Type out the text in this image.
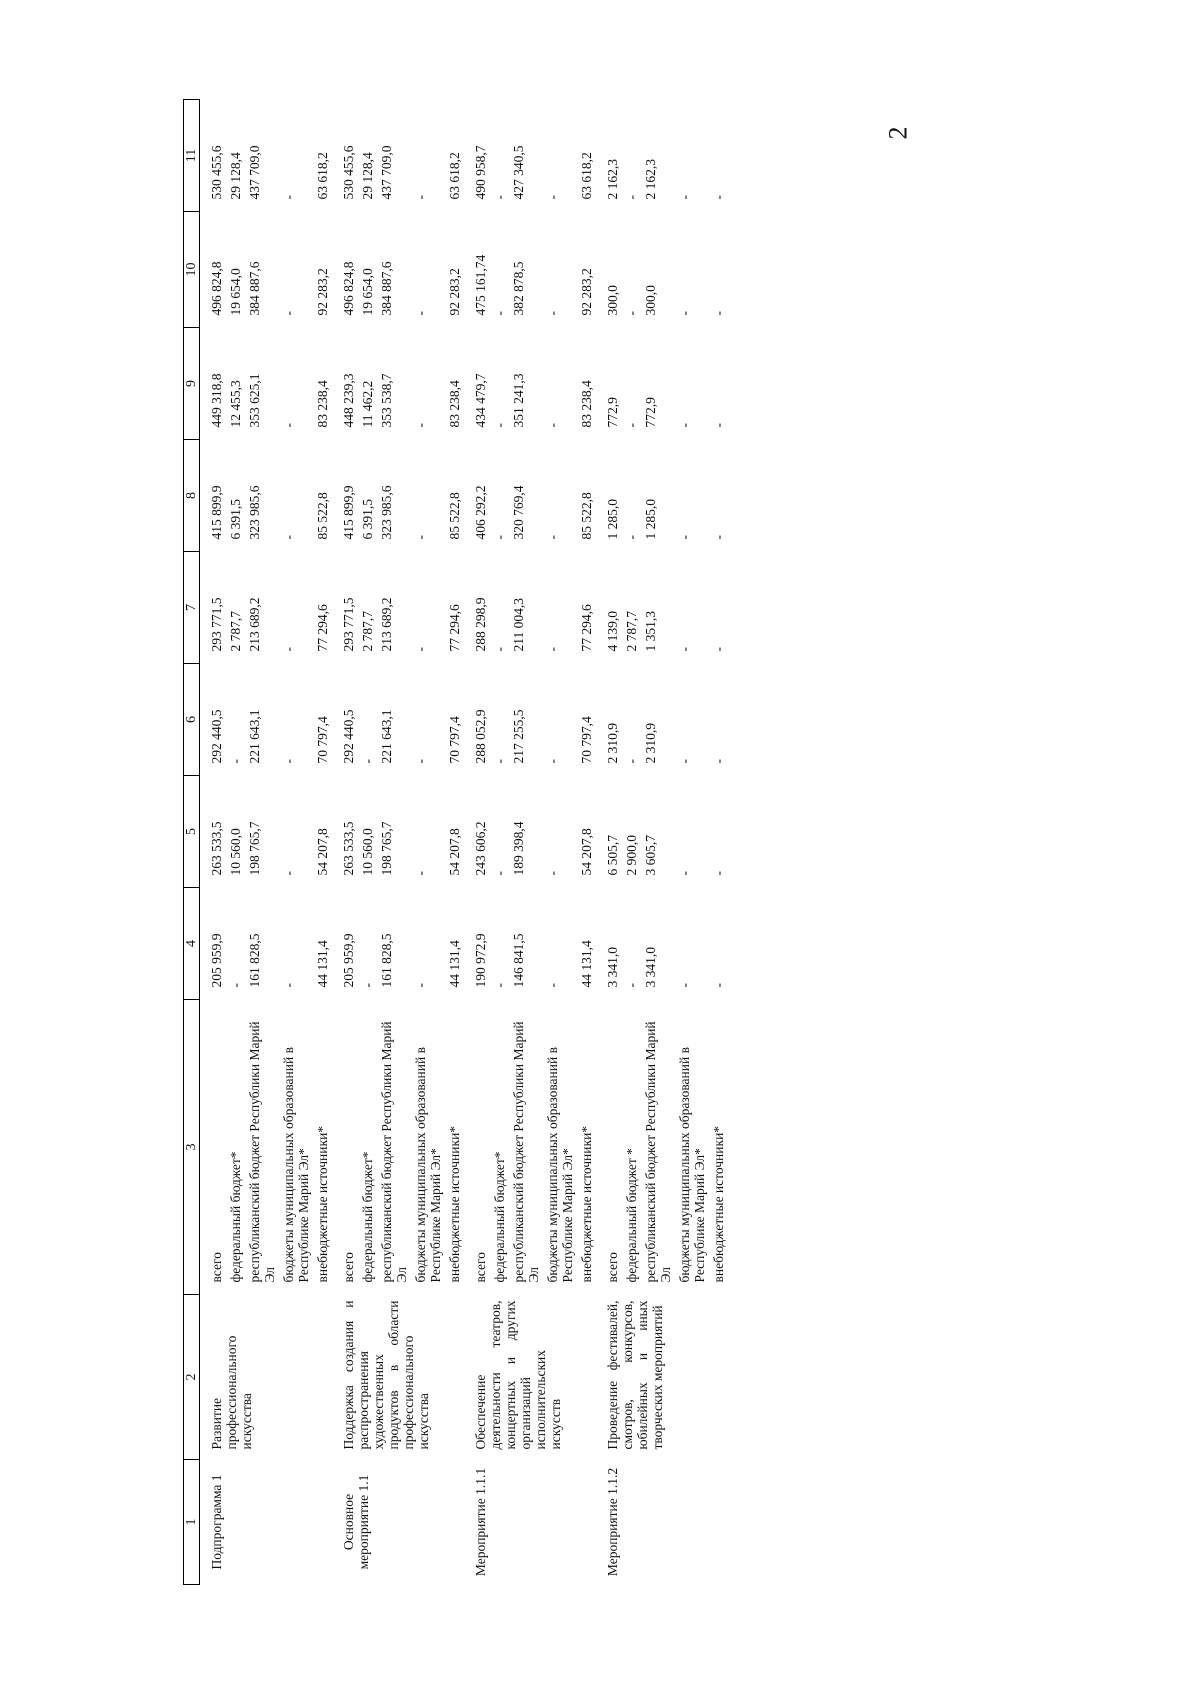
2
1	2	3	4	5	6	7	8	9	10	11
Подпрограмма 1	Развитие профессионального искусства	всего	205 959,9	263 533,5	292 440,5	293 771,5	415 899,9	449 318,8	496 824,8	530 455,6
		федеральный бюджет*	-	10 560,0	-	2 787,7	6 391,5	12 455,3	19 654,0	29 128,4
		республиканский бюджет Республики Марий Эл	161 828,5	198 765,7	221 643,1	213 689,2	323 985,6	353 625,1	384 887,6	437 709,0
		бюджеты муниципальных образований в Республике Марий Эл*	-	-	-	-	-	-	-	-
		внебюджетные источники*	44 131,4	54 207,8	70 797,4	77 294,6	85 522,8	83 238,4	92 283,2	63 618,2
Основное мероприятие 1.1	Поддержка создания и распространения художественных продуктов в области профессионального искусства	всего	205 959,9	263 533,5	292 440,5	293 771,5	415 899,9	448 239,3	496 824,8	530 455,6
		федеральный бюджет*	-	10 560,0	-	2 787,7	6 391,5	11 462,2	19 654,0	29 128,4
		республиканский бюджет Республики Марий Эл	161 828,5	198 765,7	221 643,1	213 689,2	323 985,6	353 538,7	384 887,6	437 709,0
		бюджеты муниципальных образований в Республике Марий Эл*	-	-	-	-	-	-	-	-
		внебюджетные источники*	44 131,4	54 207,8	70 797,4	77 294,6	85 522,8	83 238,4	92 283,2	63 618,2
Мероприятие 1.1.1	Обеспечение деятельности театров, концертных и других организаций исполнительских искусств	всего	190 972,9	243 606,2	288 052,9	288 298,9	406 292,2	434 479,7	475 161,74	490 958,7
		федеральный бюджет*	-	-	-	-	-	-	-	-
		республиканский бюджет Республики Марий Эл	146 841,5	189 398,4	217 255,5	211 004,3	320 769,4	351 241,3	382 878,5	427 340,5
		бюджеты муниципальных образований в Республике Марий Эл*	-	-	-	-	-	-	-	-
		внебюджетные источники*	44 131,4	54 207,8	70 797,4	77 294,6	85 522,8	83 238,4	92 283,2	63 618,2
Мероприятие 1.1.2	Проведение фестивалей, смотров, конкурсов, юбилейных и иных творческих мероприятий	всего	3 341,0	6 505,7	2 310,9	4 139,0	1 285,0	772,9	300,0	2 162,3
		федеральный бюджет *	-	2 900,0	-	2 787,7	-	-	-	-
		республиканский бюджет Республики Марий Эл	3 341,0	3 605,7	2 310,9	1 351,3	1 285,0	772,9	300,0	2 162,3
		бюджеты муниципальных образований в Республике Марий Эл*	-	-	-	-	-	-	-	-
		внебюджетные источники*	-	-	-	-	-	-	-	-
